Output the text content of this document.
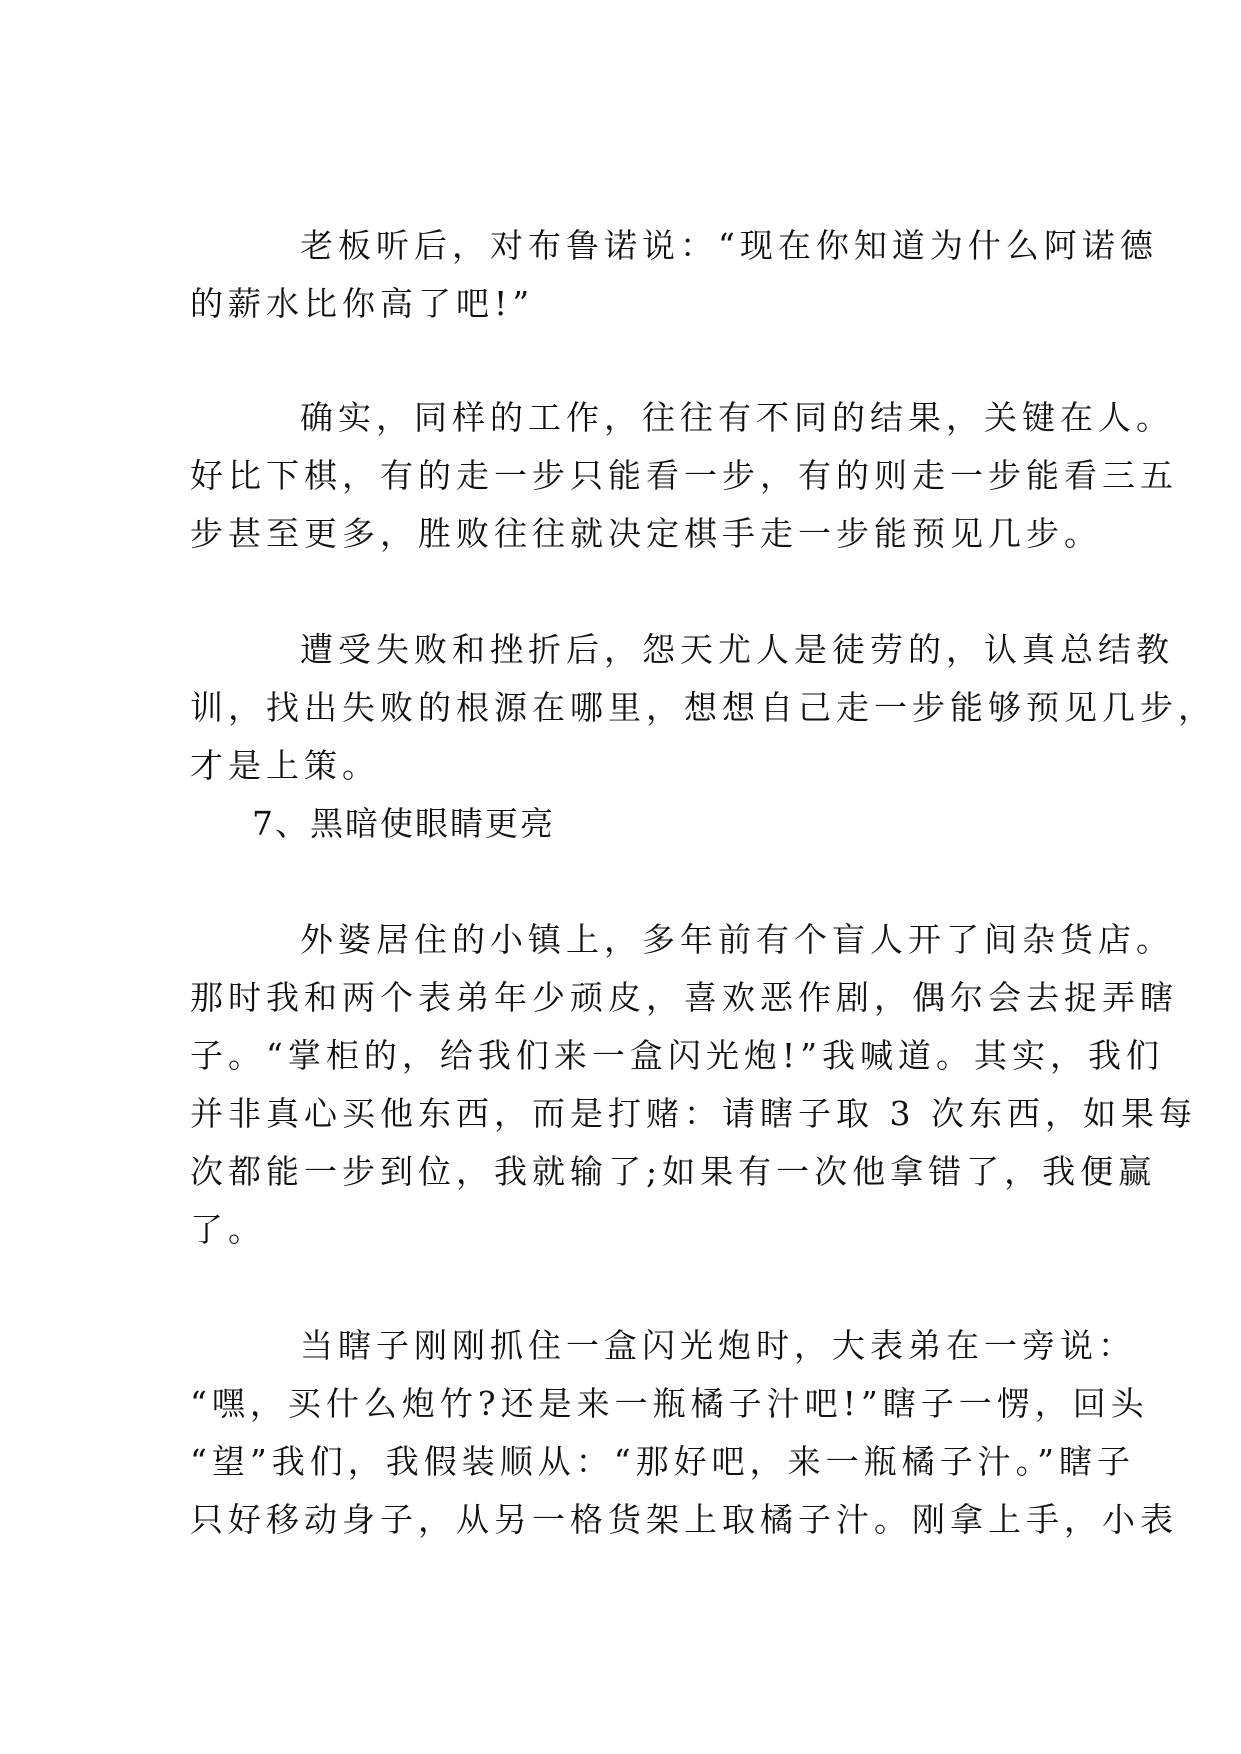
老板听后，对布鲁诺说：“现在你知道为什么阿诺德
的薪水比你高了吧!”
确实，同样的工作，往往有不同的结果，关键在人。
好比下棋，有的走一步只能看一步，有的则走一步能看三五
步甚至更多，胜败往往就决定棋手走一步能预见几步。
遭受失败和挫折后，怨天尤人是徒劳的，认真总结教
训，找出失败的根源在哪里，想想自己走一步能够预见几步，
才是上策。
7、黑暗使眼睛更亮
外婆居住的小镇上，多年前有个盲人开了间杂货店。
那时我和两个表弟年少顽皮，喜欢恶作剧，偶尔会去捉弄瞎
子。“掌柜的，给我们来一盒闪光炮!”我喊道。其实，我们
并非真心买他东西，而是打赌：请瞎子取 3 次东西，如果每
次都能一步到位，我就输了;如果有一次他拿错了，我便赢
了。
当瞎子刚刚抓住一盒闪光炮时，大表弟在一旁说：
“嘿，买什么炮竹?还是来一瓶橘子汁吧!”瞎子一愣，回头
“望”我们，我假装顺从：“那好吧，来一瓶橘子汁。”瞎子
只好移动身子，从另一格货架上取橘子汁。刚拿上手，小表
